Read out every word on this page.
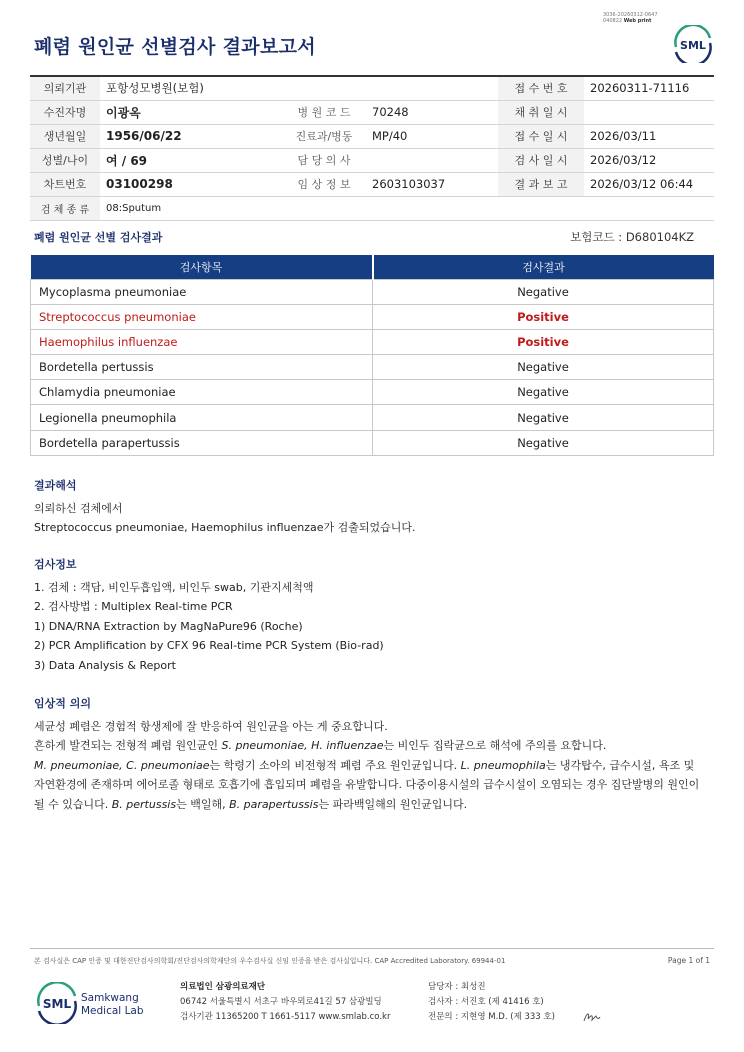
3036-20260312-0647
040822 Web print
폐렴 원인균 선별검사 결과보고서	SML
의뢰기관	포항성모병원(보험)			접 수 번 호	20260311-71116
수진자명	이광옥	병 원 코 드	70248	채 취 일 시	
생년월일	1956/06/22	진료과/병동	MP/40	접 수 일 시	2026/03/11
성별/나이	여 / 69	담 당 의 사		검 사 일 시	2026/03/12
차트번호	03100298	임 상 정 보	2603103037	결 과 보 고	2026/03/12 06:44
검 체 종 류	08:Sputum				
폐렴 원인균 선별 검사결과	보험코드 : D680104KZ
검사항목	검사결과
Mycoplasma pneumoniae	Negative
Streptococcus pneumoniae	Positive
Haemophilus influenzae	Positive
Bordetella pertussis	Negative
Chlamydia pneumoniae	Negative
Legionella pneumophila	Negative
Bordetella parapertussis	Negative
결과해석
의뢰하신 검체에서
Streptococcus pneumoniae, Haemophilus influenzae가 검출되었습니다.
검사정보
1. 검체 : 객담, 비인두흡입액, 비인두 swab, 기관지세척액
2. 검사방법 : Multiplex Real-time PCR
1) DNA/RNA Extraction by MagNaPure96 (Roche)
2) PCR Amplification by CFX 96 Real-time PCR System (Bio-rad)
3) Data Analysis & Report
임상적 의의
세균성 폐렴은 경험적 항생제에 잘 반응하여 원인균을 아는 게 중요합니다.
흔하게 발견되는 전형적 폐렴 원인균인 S. pneumoniae, H. influenzae는 비인두 집락균으로 해석에 주의를 요합니다.
M. pneumoniae, C. pneumoniae는 학령기 소아의 비전형적 폐렴 주요 원인균입니다. L. pneumophila는 냉각탑수, 급수시설, 욕조 및
자연환경에 존재하며 에어로졸 형태로 호흡기에 흡입되며 폐렴을 유발합니다. 다중이용시설의 급수시설이 오염되는 경우 집단발병의 원인이
될 수 있습니다. B. pertussis는 백일해, B. parapertussis는 파라백일해의 원인균입니다.
본 검사실은 CAP 인증 및 대한진단검사의학회/진단검사의학재단의 우수검사실 신임 인증을 받은 검사실입니다. CAP Accredited Laboratory. 69944-01	Page 1 of 1
SML Samkwang
Medical Lab
의료법인 삼광의료재단
06742 서울특별시 서초구 바우뫼로41길 57 삼광빌딩
검사기관 11365200 T 1661-5117 www.smlab.co.kr
담당자 : 최성진
검사자 : 서진호 (제 41416 호)
전문의 : 지현영 M.D. (제 333 호)
